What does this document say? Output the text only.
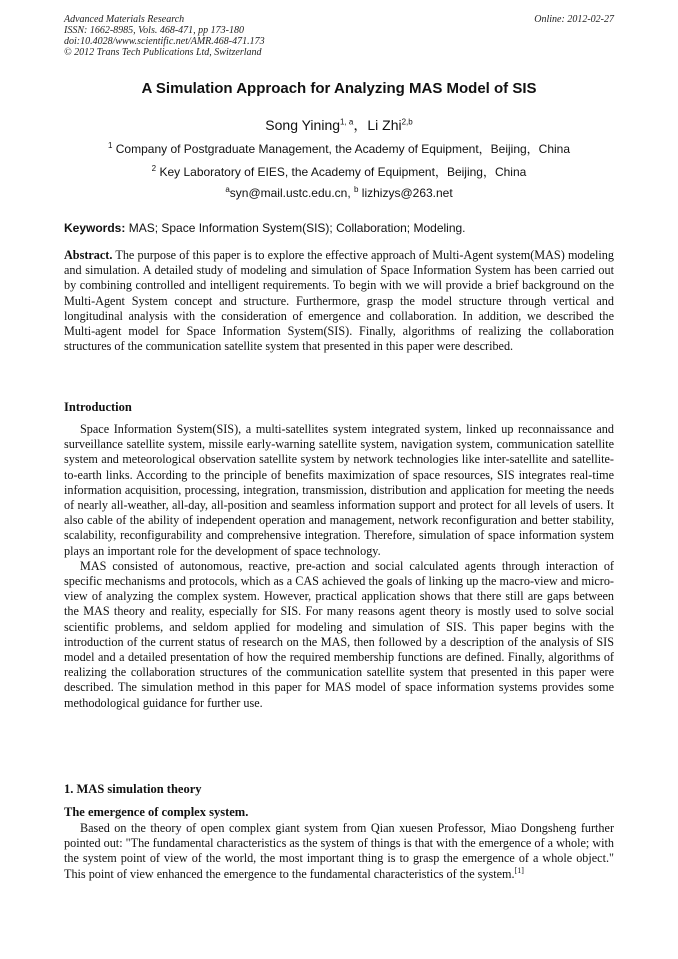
Advanced Materials Research
ISSN: 1662-8985, Vols. 468-471, pp 173-180
doi:10.4028/www.scientific.net/AMR.468-471.173
© 2012 Trans Tech Publications Ltd, Switzerland
Online: 2012-02-27
A Simulation Approach for Analyzing MAS Model of SIS
Song Yining$^{1, a}$，Li Zhi$^{2,b}$
$^1$ Company of Postgraduate Management, the Academy of Equipment，Beijing，China
$^2$ Key Laboratory of EIES, the Academy of Equipment，Beijing，China
$^a$syn@mail.ustc.edu.cn, $^b$ lizhizys@263.net
Keywords: MAS; Space Information System(SIS); Collaboration; Modeling.

Abstract. The purpose of this paper is to explore the effective approach of Multi-Agent system(MAS) modeling and simulation. A detailed study of modeling and simulation of Space Information System has been carried out by combining controlled and intelligent requirements. To begin with we will provide a brief background on the Multi-Agent System concept and structure. Furthermore, grasp the model structure through vertical and longitudinal analysis with the consideration of emergence and collaboration. In addition, we described the Multi-agent model for Space Information System(SIS). Finally, algorithms of realizing the collaboration structures of the communication satellite system that presented in this paper were described.

Introduction

Space Information System(SIS), a multi-satellites system integrated system, linked up reconnaissance and surveillance satellite system, missile early-warning satellite system, navigation system, communication satellite system and meteorological observation satellite system by network technologies like inter-satellite and satellite-to-earth links. According to the principle of benefits maximization of space resources, SIS integrates real-time information acquisition, processing, integration, transmission, distribution and application for meeting the needs of nearly all-weather, all-day, all-position and seamless information support and protect for all levels of users. It also cable of the ability of independent operation and management, network reconfiguration and better stability, scalability, reconfigurability and comprehensive integration. Therefore, simulation of space information system plays an important role for the development of space technology.

MAS consisted of autonomous, reactive, pre-action and social calculated agents through interaction of specific mechanisms and protocols, which as a CAS achieved the goals of linking up the macro-view and micro-view of analyzing the complex system. However, practical application shows that there still are gaps between the MAS theory and reality, especially for SIS. For many reasons agent theory is mostly used to solve social scientific problems, and seldom applied for modeling and simulation of SIS. This paper begins with the introduction of the current status of research on the MAS, then followed by a description of the analysis of SIS model and a detailed presentation of how the required membership functions are defined. Finally, algorithms of realizing the collaboration structures of the communication satellite system that presented in this paper were described. The simulation method in this paper for MAS model of space information systems provides some methodological guidance for further use.

1. MAS simulation theory
The emergence of complex system.

Based on the theory of open complex giant system from Qian xuesen Professor, Miao Dongsheng further pointed out: "The fundamental characteristics as the system of things is that with the emergence of a whole; with the system point of view of the world, the most important thing is to grasp the emergence of a whole object." This point of view enhanced the emergence to the fundamental characteristics of the system.[1]
